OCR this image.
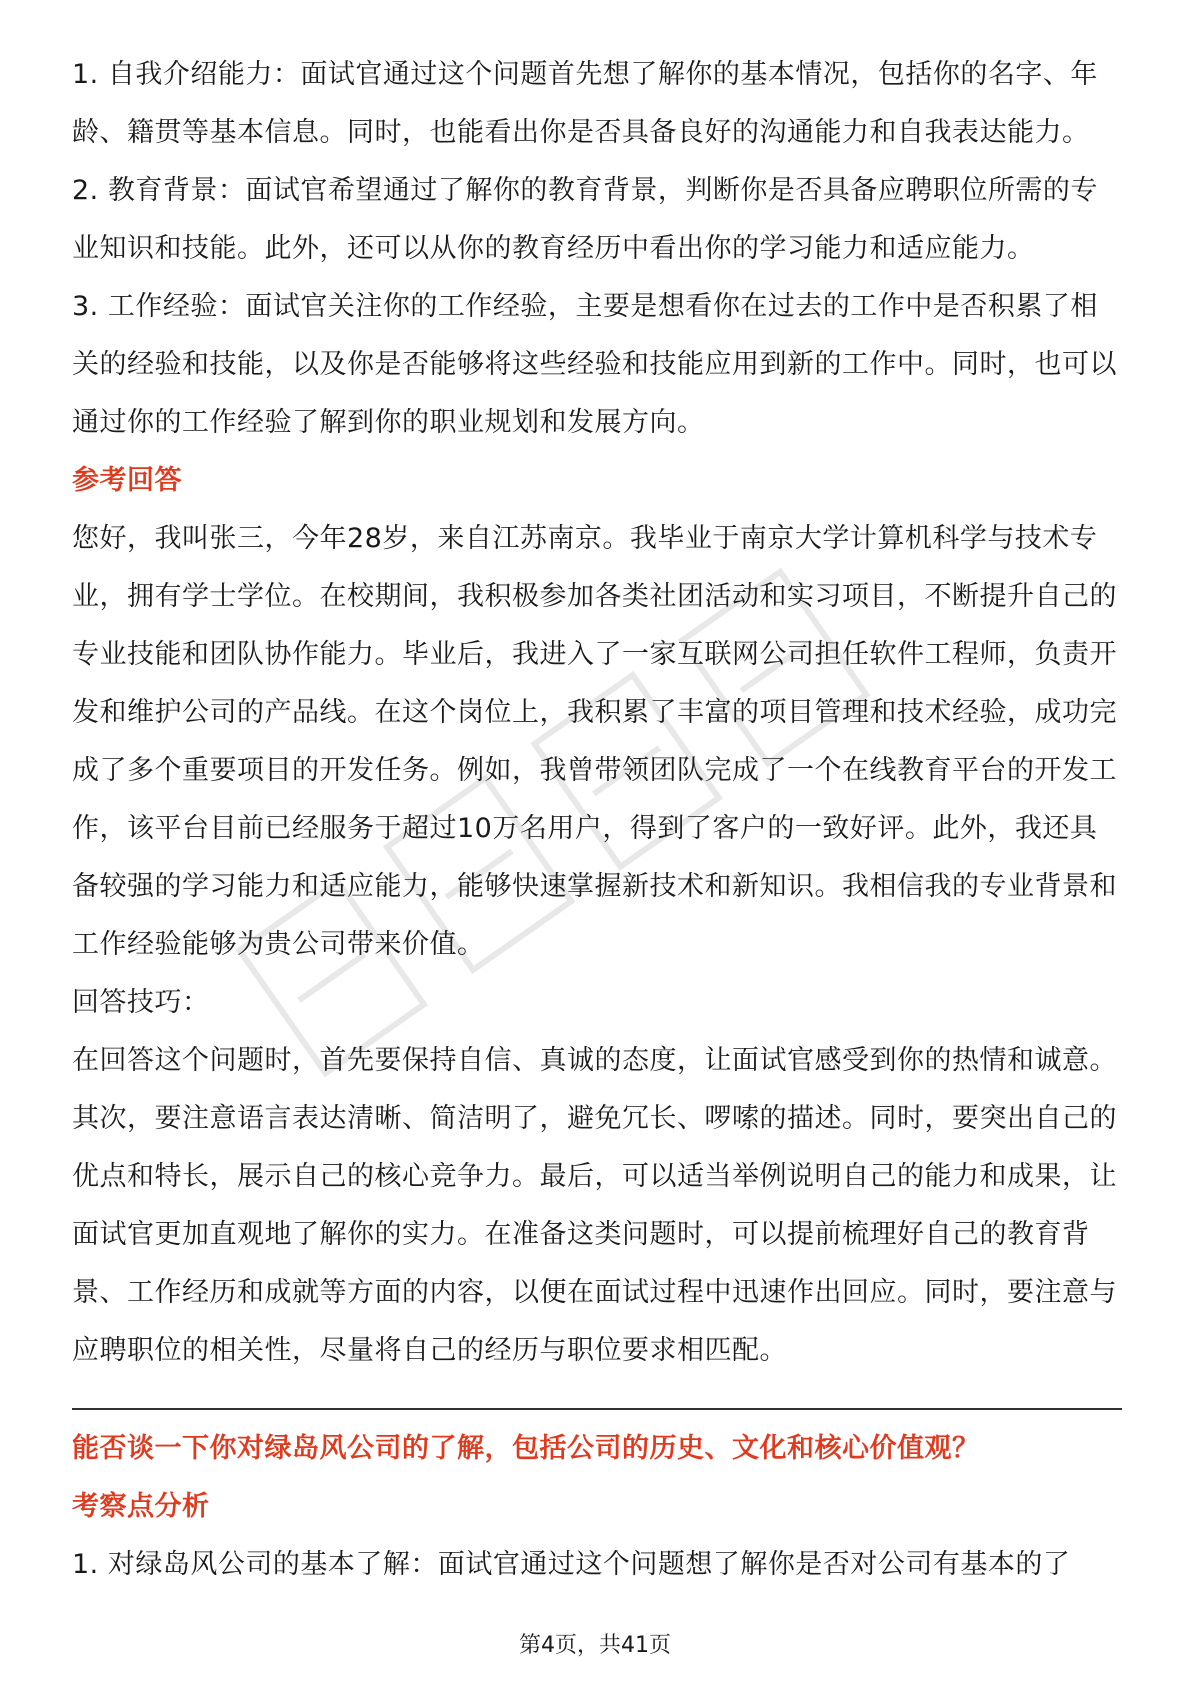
1. 自我介绍能力：面试官通过这个问题首先想了解你的基本情况，包括你的名字、年龄、籍贯等基本信息。同时，也能看出你是否具备良好的沟通能力和自我表达能力。

2. 教育背景：面试官希望通过了解你的教育背景，判断你是否具备应聘职位所需的专业知识和技能。此外，还可以从你的教育经历中看出你的学习能力和适应能力。

3. 工作经验：面试官关注你的工作经验，主要是想看你在过去的工作中是否积累了相关的经验和技能，以及你是否能够将这些经验和技能应用到新的工作中。同时，也可以通过你的工作经验了解到你的职业规划和发展方向。

参考回答

您好，我叫张三，今年28岁，来自江苏南京。我毕业于南京大学计算机科学与技术专业，拥有学士学位。在校期间，我积极参加各类社团活动和实习项目，不断提升自己的专业技能和团队协作能力。毕业后，我进入了一家互联网公司担任软件工程师，负责开发和维护公司的产品线。在这个岗位上，我积累了丰富的项目管理和技术经验，成功完成了多个重要项目的开发任务。例如，我曾带领团队完成了一个在线教育平台的开发工作，该平台目前已经服务于超过10万名用户，得到了客户的一致好评。此外，我还具备较强的学习能力和适应能力，能够快速掌握新技术和新知识。我相信我的专业背景和工作经验能够为贵公司带来价值。

回答技巧：

在回答这个问题时，首先要保持自信、真诚的态度，让面试官感受到你的热情和诚意。其次，要注意语言表达清晰、简洁明了，避免冗长、啰嗦的描述。同时，要突出自己的优点和特长，展示自己的核心竞争力。最后，可以适当举例说明自己的能力和成果，让面试官更加直观地了解你的实力。在准备这类问题时，可以提前梳理好自己的教育背景、工作经历和成就等方面的内容，以便在面试过程中迅速作出回应。同时，要注意与应聘职位的相关性，尽量将自己的经历与职位要求相匹配。

能否谈一下你对绿岛风公司的了解，包括公司的历史、文化和核心价值观？

考察点分析

1. 对绿岛风公司的基本了解：面试官通过这个问题想了解你是否对公司有基本的了

第4页，共41页
